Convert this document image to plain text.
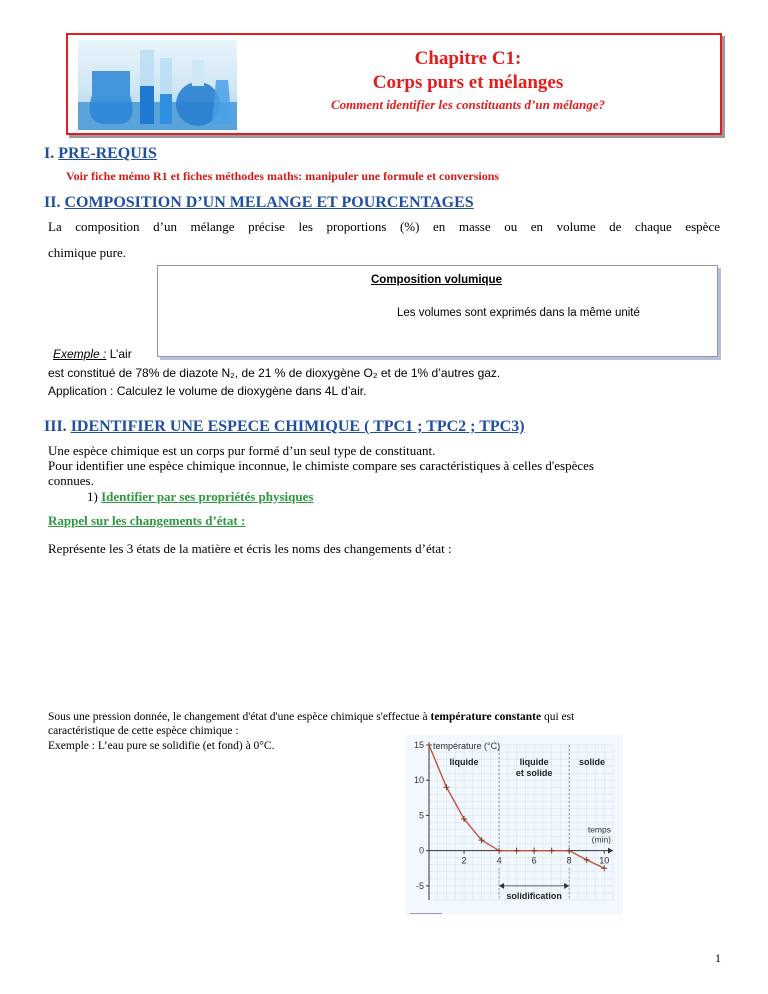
Chapitre C1:
Corps purs et mélanges
Comment identifier les constituants d’un mélange?
I. PRE-REQUIS
Voir fiche mémo R1 et fiches méthodes maths: manipuler une formule et conversions
II. COMPOSITION D’UN MELANGE ET POURCENTAGES
La composition d’un mélange précise les proportions (%) en masse ou en volume de chaque espèce
chimique pure.
Composition volumique
Les volumes sont exprimés dans la même unité
Exemple : L’air
est constitué de 78% de diazote N₂, de 21 % de dioxygène O₂ et de 1% d’autres gaz.
Application : Calculez le volume de dioxygène dans 4L d’air.
III. IDENTIFIER UNE ESPECE CHIMIQUE ( TPC1 ; TPC2 ; TPC3)
Une espèce chimique est un corps pur formé d’un seul type de constituant.
Pour identifier une espèce chimique inconnue, le chimiste compare ses caractéristiques à celles d'espèces
connues.
1) Identifier par ses propriétés physiques
Rappel sur les changements d’état :
Représente les 3 états de la matière et écris les noms des changements d’état :
Sous une pression donnée, le changement d'état d'une espèce chimique s'effectue à température constante qui est
caractéristique de cette espèce chimique :
Exemple : L’eau pure se solidifie (et fond) à 0°C.	15
10
5
0
-5
2	4	6	8	10
température (°C)
temps
(min)
liquide	liquide
et solide
solide
solidification
1
